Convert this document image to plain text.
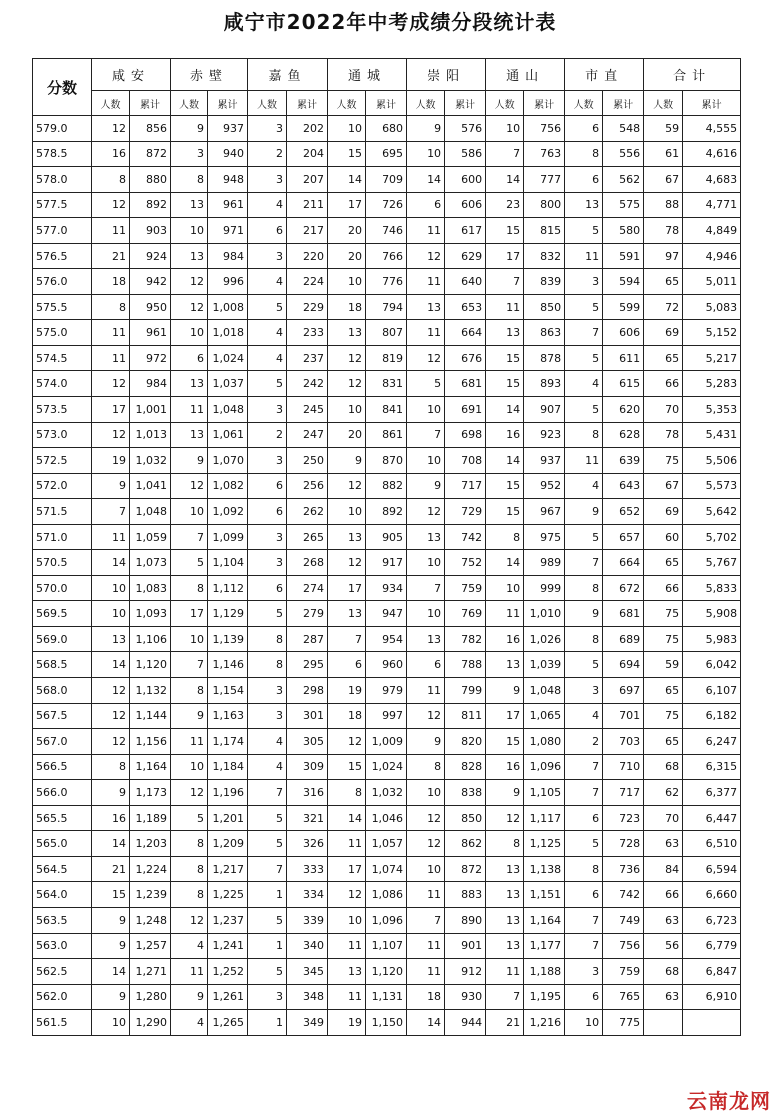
咸宁市2022年中考成绩分段统计表
分数	咸安		赤壁		嘉鱼		通城		崇阳		通山		市直		合计	
	人数	累计	人数	累计	人数	累计	人数	累计	人数	累计	人数	累计	人数	累计	人数	累计
579.0	12	856	9	937	3	202	10	680	9	576	10	756	6	548	59	4,555
578.5	16	872	3	940	2	204	15	695	10	586	7	763	8	556	61	4,616
578.0	8	880	8	948	3	207	14	709	14	600	14	777	6	562	67	4,683
577.5	12	892	13	961	4	211	17	726	6	606	23	800	13	575	88	4,771
577.0	11	903	10	971	6	217	20	746	11	617	15	815	5	580	78	4,849
576.5	21	924	13	984	3	220	20	766	12	629	17	832	11	591	97	4,946
576.0	18	942	12	996	4	224	10	776	11	640	7	839	3	594	65	5,011
575.5	8	950	12	1,008	5	229	18	794	13	653	11	850	5	599	72	5,083
575.0	11	961	10	1,018	4	233	13	807	11	664	13	863	7	606	69	5,152
574.5	11	972	6	1,024	4	237	12	819	12	676	15	878	5	611	65	5,217
574.0	12	984	13	1,037	5	242	12	831	5	681	15	893	4	615	66	5,283
573.5	17	1,001	11	1,048	3	245	10	841	10	691	14	907	5	620	70	5,353
573.0	12	1,013	13	1,061	2	247	20	861	7	698	16	923	8	628	78	5,431
572.5	19	1,032	9	1,070	3	250	9	870	10	708	14	937	11	639	75	5,506
572.0	9	1,041	12	1,082	6	256	12	882	9	717	15	952	4	643	67	5,573
571.5	7	1,048	10	1,092	6	262	10	892	12	729	15	967	9	652	69	5,642
571.0	11	1,059	7	1,099	3	265	13	905	13	742	8	975	5	657	60	5,702
570.5	14	1,073	5	1,104	3	268	12	917	10	752	14	989	7	664	65	5,767
570.0	10	1,083	8	1,112	6	274	17	934	7	759	10	999	8	672	66	5,833
569.5	10	1,093	17	1,129	5	279	13	947	10	769	11	1,010	9	681	75	5,908
569.0	13	1,106	10	1,139	8	287	7	954	13	782	16	1,026	8	689	75	5,983
568.5	14	1,120	7	1,146	8	295	6	960	6	788	13	1,039	5	694	59	6,042
568.0	12	1,132	8	1,154	3	298	19	979	11	799	9	1,048	3	697	65	6,107
567.5	12	1,144	9	1,163	3	301	18	997	12	811	17	1,065	4	701	75	6,182
567.0	12	1,156	11	1,174	4	305	12	1,009	9	820	15	1,080	2	703	65	6,247
566.5	8	1,164	10	1,184	4	309	15	1,024	8	828	16	1,096	7	710	68	6,315
566.0	9	1,173	12	1,196	7	316	8	1,032	10	838	9	1,105	7	717	62	6,377
565.5	16	1,189	5	1,201	5	321	14	1,046	12	850	12	1,117	6	723	70	6,447
565.0	14	1,203	8	1,209	5	326	11	1,057	12	862	8	1,125	5	728	63	6,510
564.5	21	1,224	8	1,217	7	333	17	1,074	10	872	13	1,138	8	736	84	6,594
564.0	15	1,239	8	1,225	1	334	12	1,086	11	883	13	1,151	6	742	66	6,660
563.5	9	1,248	12	1,237	5	339	10	1,096	7	890	13	1,164	7	749	63	6,723
563.0	9	1,257	4	1,241	1	340	11	1,107	11	901	13	1,177	7	756	56	6,779
562.5	14	1,271	11	1,252	5	345	13	1,120	11	912	11	1,188	3	759	68	6,847
562.0	9	1,280	9	1,261	3	348	11	1,131	18	930	7	1,195	6	765	63	6,910
561.5	10	1,290	4	1,265	1	349	19	1,150	14	944	21	1,216	10	775		
云南龙网
